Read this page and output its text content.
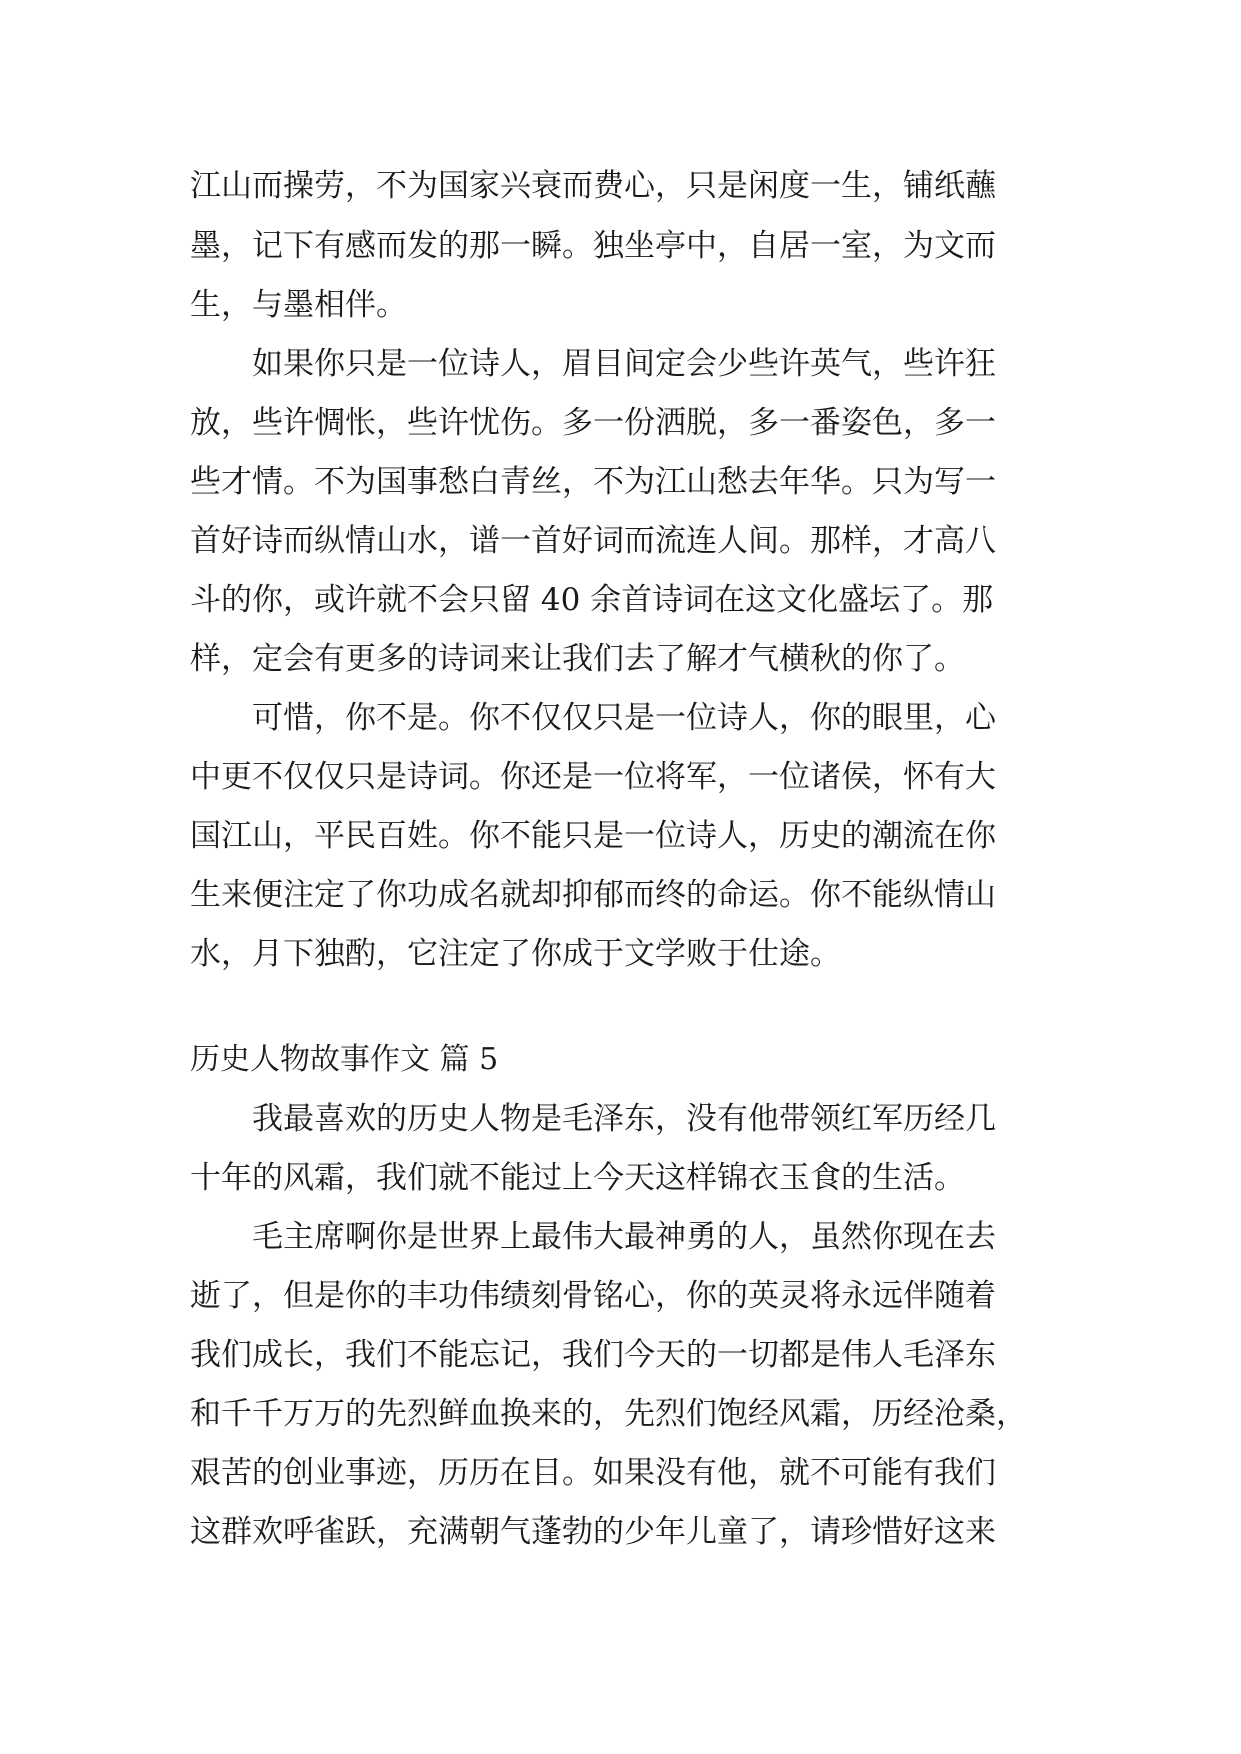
江山而操劳，不为国家兴衰而费心，只是闲度一生，铺纸蘸
墨，记下有感而发的那一瞬。独坐亭中，自居一室，为文而
生，与墨相伴。
如果你只是一位诗人，眉目间定会少些许英气，些许狂
放，些许惆怅，些许忧伤。多一份洒脱，多一番姿色，多一
些才情。不为国事愁白青丝，不为江山愁去年华。只为写一
首好诗而纵情山水，谱一首好词而流连人间。那样，才高八
斗的你，或许就不会只留 40 余首诗词在这文化盛坛了。那
样，定会有更多的诗词来让我们去了解才气横秋的你了。
可惜，你不是。你不仅仅只是一位诗人，你的眼里，心
中更不仅仅只是诗词。你还是一位将军，一位诸侯，怀有大
国江山，平民百姓。你不能只是一位诗人，历史的潮流在你
生来便注定了你功成名就却抑郁而终的命运。你不能纵情山
水，月下独酌，它注定了你成于文学败于仕途。
历史人物故事作文 篇 5
我最喜欢的历史人物是毛泽东，没有他带领红军历经几
十年的风霜，我们就不能过上今天这样锦衣玉食的生活。
毛主席啊你是世界上最伟大最神勇的人，虽然你现在去
逝了，但是你的丰功伟绩刻骨铭心，你的英灵将永远伴随着
我们成长，我们不能忘记，我们今天的一切都是伟人毛泽东
和千千万万的先烈鲜血换来的，先烈们饱经风霜，历经沧桑，
艰苦的创业事迹，历历在目。如果没有他，就不可能有我们
这群欢呼雀跃，充满朝气蓬勃的少年儿童了，请珍惜好这来
